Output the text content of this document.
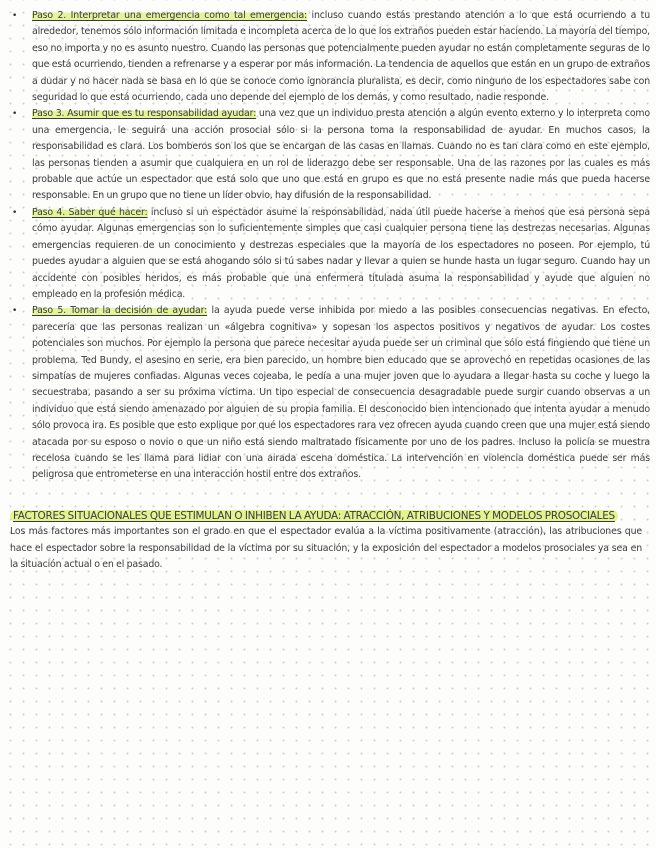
• Paso 2. Interpretar una emergencia como tal emergencia: incluso cuando estás prestando atención a lo que está ocurriendo a tu alrededor, tenemos sólo información limitada e incompleta acerca de lo que los extraños pueden estar haciendo. La mayoría del tiempo, eso no importa y no es asunto nuestro. Cuando las personas que potencialmente pueden ayudar no están completamente seguras de lo que está ocurriendo, tienden a refrenarse y a esperar por más información. La tendencia de aquellos que están en un grupo de extraños a dudar y no hacer nada se basa en lo que se conoce como ignorancia pluralista, es decir, como ninguno de los espectadores sabe con seguridad lo que está ocurriendo, cada uno depende del ejemplo de los demás, y como resultado, nadie responde.
• Paso 3. Asumir que es tu responsabilidad ayudar: una vez que un individuo presta atención a algún evento externo y lo interpreta como una emergencia, le seguirá una acción prosocial sólo si la persona toma la responsabilidad de ayudar. En muchos casos, la responsabilidad es clara. Los bomberos son los que se encargan de las casas en llamas. Cuando no es tan clara como en este ejemplo, las personas tienden a asumir que cualquiera en un rol de liderazgo debe ser responsable. Una de las razones por las cuales es más probable que actúe un espectador que está solo que uno que está en grupo es que no está presente nadie más que pueda hacerse responsable. En un grupo que no tiene un líder obvio, hay difusión de la responsabilidad.
• Paso 4. Saber qué hacer: incluso si un espectador asume la responsabilidad, nada útil puede hacerse a menos que esa persona sepa cómo ayudar. Algunas emergencias son lo suficientemente simples que casi cualquier persona tiene las destrezas necesarias. Algunas emergencias requieren de un conocimiento y destrezas especiales que la mayoría de los espectadores no poseen. Por ejemplo, tú puedes ayudar a alguien que se está ahogando sólo si tú sabes nadar y llevar a quien se hunde hasta un lugar seguro. Cuando hay un accidente con posibles heridos, es más probable que una enfermera titulada asuma la responsabilidad y ayude que alguien no empleado en la profesión médica.
• Paso 5. Tomar la decisión de ayudar: la ayuda puede verse inhibida por miedo a las posibles consecuencias negativas. En efecto, parecería que las personas realizan un «álgebra cognitiva» y sopesan los aspectos positivos y negativos de ayudar. Los costes potenciales son muchos. Por ejemplo la persona que parece necesitar ayuda puede ser un criminal que sólo está fingiendo que tiene un problema. Ted Bundy, el asesino en serie, era bien parecido, un hombre bien educado que se aprovechó en repetidas ocasiones de las simpatías de mujeres confiadas. Algunas veces cojeaba, le pedía a una mujer joven que lo ayudara a llegar hasta su coche y luego la secuestraba, pasando a ser su próxima víctima. Un tipo especial de consecuencia desagradable puede surgir cuando observas a un individuo que está siendo amenazado por alguien de su propia familia. El desconocido bien intencionado que intenta ayudar a menudo sólo provoca ira. Es posible que esto explique por qué los espectadores rara vez ofrecen ayuda cuando creen que una mujer está siendo atacada por su esposo o novio o que un niño está siendo maltratado físicamente por uno de los padres. Incluso la policía se muestra recelosa cuando se les llama para lidiar con una airada escena doméstica. La intervención en violencia doméstica puede ser más peligrosa que entrometerse en una interacción hostil entre dos extraños.
FACTORES SITUACIONALES QUE ESTIMULAN O INHIBEN LA AYUDA: ATRACCIÓN, ATRIBUCIONES Y MODELOS PROSOCIALES

Los más factores más importantes son el grado en que el espectador evalúa a la víctima positivamente (atracción), las atribuciones que hace el espectador sobre la responsabilidad de la víctima por su situación, y la exposición del espectador a modelos prosociales ya sea en la situación actual o en el pasado.
